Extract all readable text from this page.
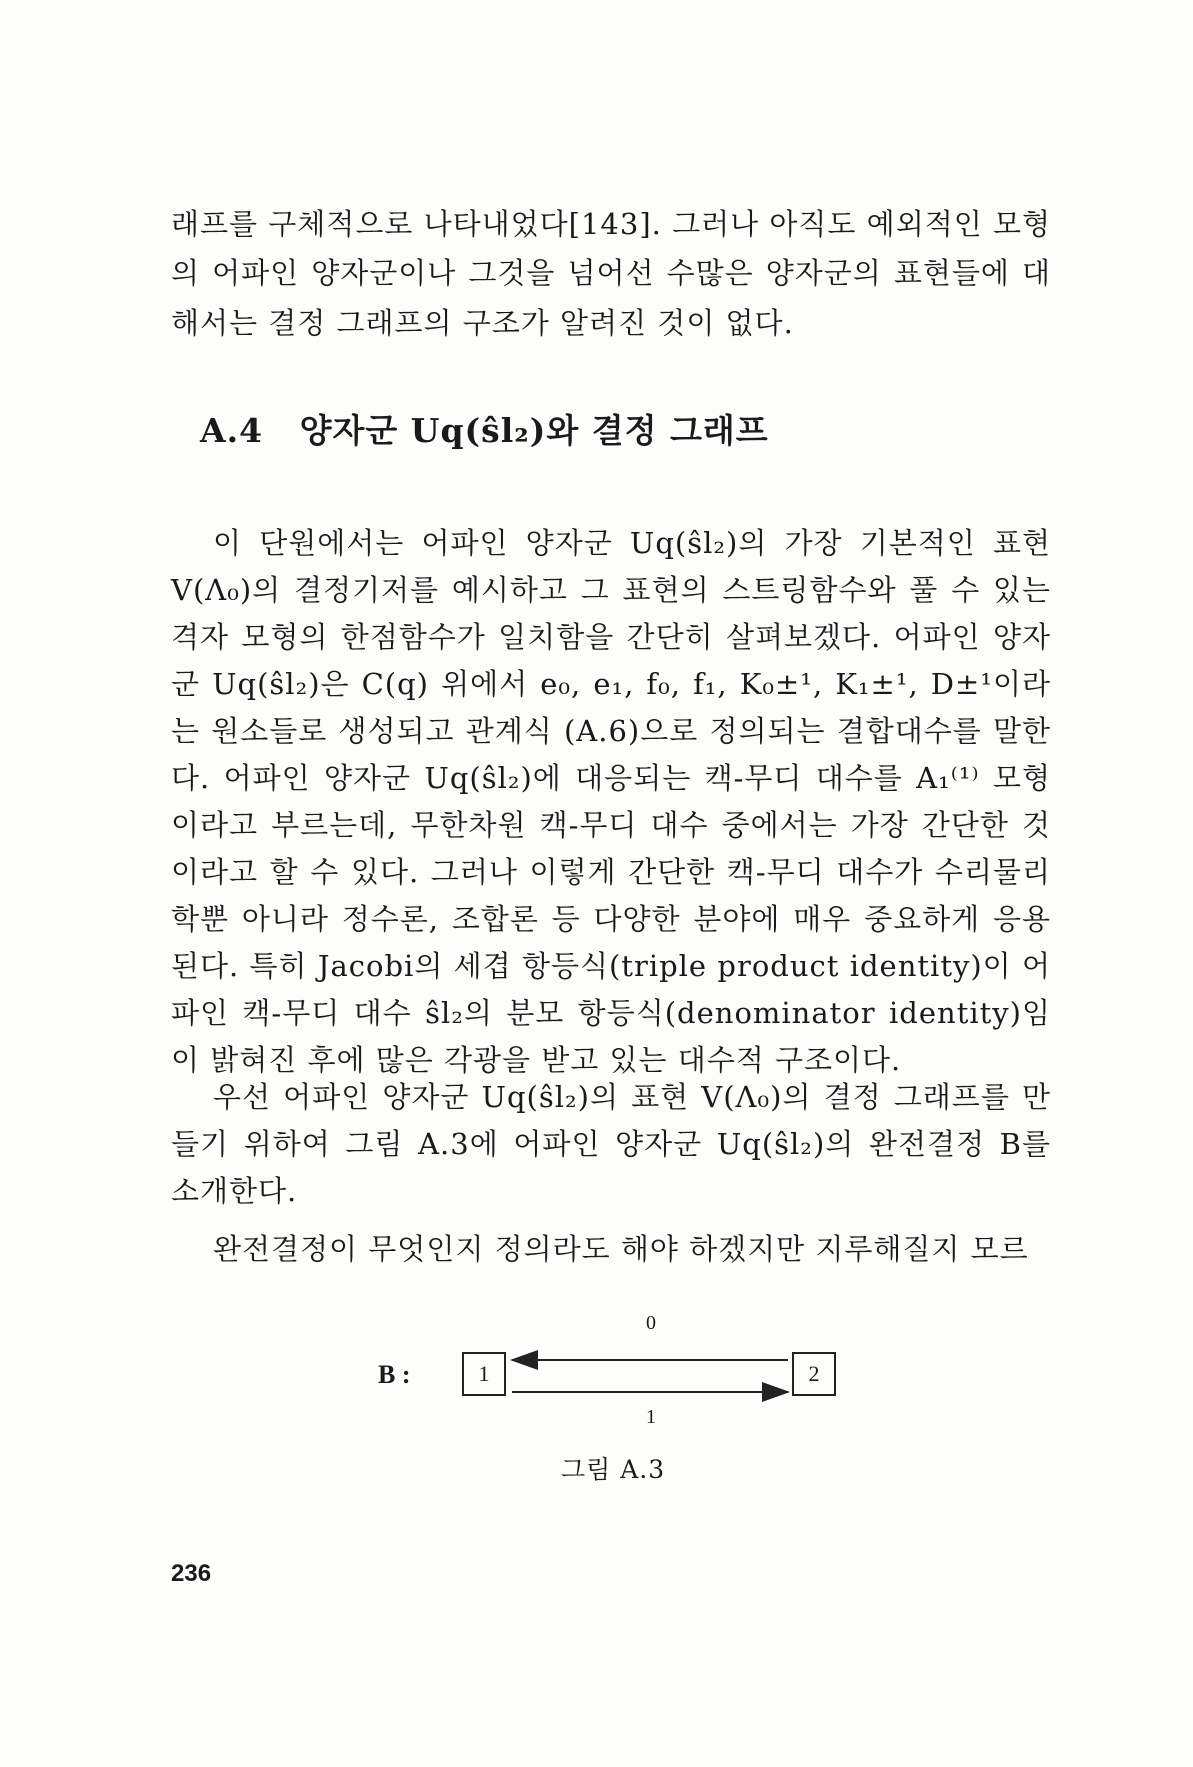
래프를 구체적으로 나타내었다[143]. 그러나 아직도 예외적인 모형의 어파인 양자군이나 그것을 넘어선 수많은 양자군의 표현들에 대해서는 결정 그래프의 구조가 알려진 것이 없다.
A.4 양자군 Uq(ŝl₂)와 결정 그래프
이 단원에서는 어파인 양자군 Uq(ŝl₂)의 가장 기본적인 표현 V(Λ₀)의 결정기저를 예시하고 그 표현의 스트링함수와 풀 수 있는 격자 모형의 한점함수가 일치함을 간단히 살펴보겠다. 어파인 양자군 Uq(ŝl₂)은 C(q) 위에서 e₀, e₁, f₀, f₁, K₀±¹, K₁±¹, D±¹이라는 원소들로 생성되고 관계식 (A.6)으로 정의되는 결합대수를 말한다. 어파인 양자군 Uq(ŝl₂)에 대응되는 캑-무디 대수를 A₁⁽¹⁾ 모형이라고 부르는데, 무한차원 캑-무디 대수 중에서는 가장 간단한 것이라고 할 수 있다. 그러나 이렇게 간단한 캑-무디 대수가 수리물리학뿐 아니라 정수론, 조합론 등 다양한 분야에 매우 중요하게 응용된다. 특히 Jacobi의 세겹 항등식(triple product identity)이 어파인 캑-무디 대수 ŝl₂의 분모 항등식(denominator identity)임이 밝혀진 후에 많은 각광을 받고 있는 대수적 구조이다.
우선 어파인 양자군 Uq(ŝl₂)의 표현 V(Λ₀)의 결정 그래프를 만들기 위하여 그림 A.3에 어파인 양자군 Uq(ŝl₂)의 완전결정 B를 소개한다.
완전결정이 무엇인지 정의라도 해야 하겠지만 지루해질지 모르
B :	1	2
0
1
그림 A.3
236
